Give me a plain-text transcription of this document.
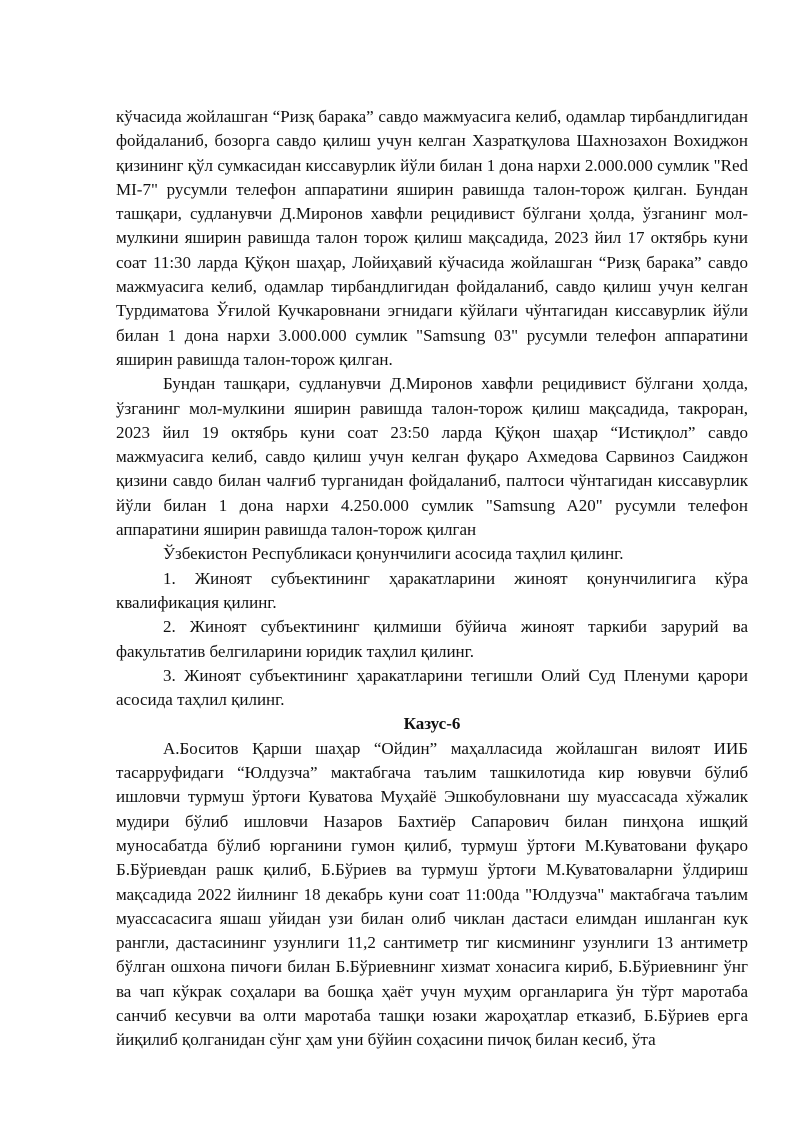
кўчасида жойлашган “Ризқ барака” савдо мажмуасига келиб, одамлар тирбандлигидан фойдаланиб, бозорга савдо қилиш учун келган Хазратқулова Шахнозахон Вохиджон қизининг қўл сумкасидан киссавурлик йўли билан 1 дона нархи 2.000.000 сумлик "Red MI-7" русумли телефон аппаратини яширин равишда талон-торож қилган. Бундан ташқари, судланувчи Д.Миронов хавфли рецидивист бўлгани ҳолда, ўзганинг мол-мулкини яширин равишда талон торож қилиш мақсадида, 2023 йил 17 октябрь куни соат 11:30 ларда Қўқон шаҳар, Лойиҳавий кўчасида жойлашган “Ризқ барака” савдо мажмуасига келиб, одамлар тирбандлигидан фойдаланиб, савдо қилиш учун келган Турдиматова Ўғилой Кучкаровнани эгнидаги кўйлаги чўнтагидан киссавурлик йўли билан 1 дона нархи 3.000.000 сумлик "Samsung 03" русумли телефон аппаратини яширин равишда талон-торож қилган.

Бундан ташқари, судланувчи Д.Миронов хавфли рецидивист бўлгани ҳолда, ўзганинг мол-мулкини яширин равишда талон-торож қилиш мақсадида, такроран, 2023 йил 19 октябрь куни соат 23:50 ларда Қўқон шаҳар “Истиқлол” савдо мажмуасига келиб, савдо қилиш учун келган фуқаро Ахмедова Сарвиноз Саиджон қизини савдо билан чалғиб турганидан фойдаланиб, палтоси чўнтагидан киссавурлик йўли билан 1 дона нархи 4.250.000 сумлик "Samsung A20" русумли телефон аппаратини яширин равишда талон-торож қилган

Ўзбекистон Республикаси қонунчилиги асосида таҳлил қилинг.

1. Жиноят субъектининг ҳаракатларини жиноят қонунчилигига кўра квалификация қилинг.

2. Жиноят субъектининг қилмиши бўйича жиноят таркиби зарурий ва факультатив белгиларини юридик таҳлил қилинг.

3. Жиноят субъектининг ҳаракатларини тегишли Олий Суд Пленуми қарори асосида таҳлил қилинг.

Казус-6

А.Боситов Қарши шаҳар “Ойдин” маҳалласида жойлашган вилоят ИИБ тасарруфидаги “Юлдузча” мактабгача таълим ташкилотида кир ювувчи бўлиб ишловчи турмуш ўртоғи Куватова Муҳайё Эшкобуловнани шу муассасада хўжалик мудири бўлиб ишловчи Назаров Бахтиёр Сапарович билан пинҳона ишқий муносабатда бўлиб юрганини гумон қилиб, турмуш ўртоғи М.Куватовани фуқаро Б.Бўриевдан рашк қилиб, Б.Бўриев ва турмуш ўртоғи М.Куватоваларни ўлдириш мақсадида 2022 йилнинг 18 декабрь куни соат 11:00да "Юлдузча" мактабгача таълим муассасасига яшаш уйидан узи билан олиб чиклан дастаси елимдан ишланган кук рангли, дастасининг узунлиги 11,2 сантиметр тиг кисмининг узунлиги 13 антиметр бўлган ошхона пичоғи билан Б.Бўриевнинг хизмат хонасига кириб, Б.Бўриевнинг ўнг ва чап кўкрак соҳалари ва бошқа ҳаёт учун муҳим органларига ўн тўрт маротаба санчиб кесувчи ва олти маротаба ташқи юзаки жароҳатлар етказиб, Б.Бўриев ерга йиқилиб қолганидан сўнг ҳам уни бўйин соҳасини пичоқ билан кесиб, ўта
